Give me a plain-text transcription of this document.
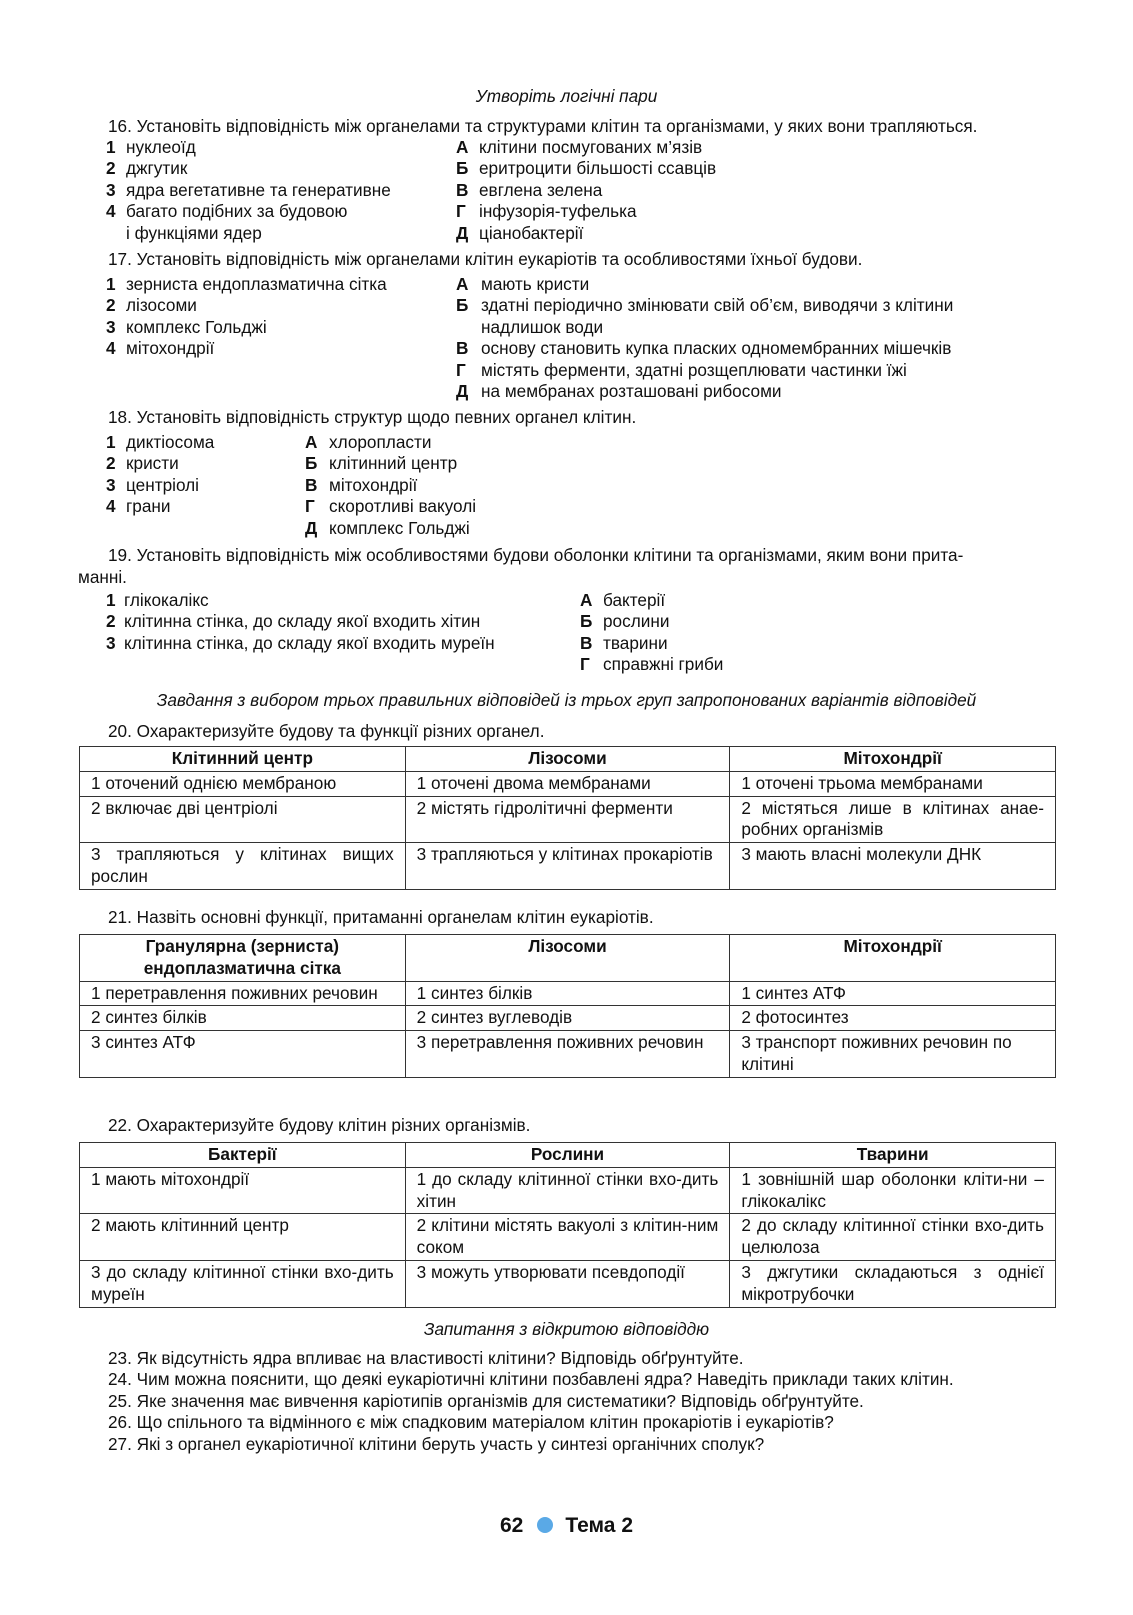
Утворіть логічні пари
16. Установіть відповідність між органелами та структурами клітин та організмами, у яких вони трапляються.
1 нуклеоїд
2 джгутик
3 ядра вегетативне та генеративне
4 багато подібних за будовою
і функціями ядер
А клітини посмугованих м’язів
Б еритроцити більшості ссавців
В евглена зелена
Г інфузорія-туфелька
Д ціанобактерії
17. Установіть відповідність між органелами клітин еукаріотів та особливостями їхньої будови.
1 зерниста ендоплазматична сітка
2 лізосоми
3 комплекс Гольджі
4 мітохондрії
А мають кристи
Б здатні періодично змінювати свій об’єм, виводячи з клітини
надлишок води
В основу становить купка пласких одномембранних мішечків
Г містять ферменти, здатні розщеплювати частинки їжі
Д на мембранах розташовані рибосоми
18. Установіть відповідність структур щодо певних органел клітин.
1 диктіосома
2 кристи
3 центріолі
4 грани
А хлоропласти
Б клітинний центр
В мітохондрії
Г скоротливі вакуолі
Д комплекс Гольджі
19. Установіть відповідність між особливостями будови оболонки клітини та організмами, яким вони прита-
манні.
1 глікокалікс
2 клітинна стінка, до складу якої входить хітин
3 клітинна стінка, до складу якої входить муреїн
А бактерії
Б рослини
В тварини
Г справжні гриби
Завдання з вибором трьох правильних відповідей із трьох груп запропонованих варіантів відповідей
20. Охарактеризуйте будову та функції різних органел.
Клітинний центр	Лізосоми	Мітохондрії
1 оточений однією мембраною	1 оточені двома мембранами	1 оточені трьома мембранами
2 включає дві центріолі	2 містять гідролітичні ферменти	2 містяться лише в клітинах анае-робних організмів
3 трапляються у клітинах вищих рослин	3 трапляються у клітинах прокаріотів	3 мають власні молекули ДНК
21. Назвіть основні функції, притаманні органелам клітин еукаріотів.
Гранулярна (зерниста) ендоплазматична сітка	Лізосоми	Мітохондрії
1 перетравлення поживних речовин	1 синтез білків	1 синтез АТФ
2 синтез білків	2 синтез вуглеводів	2 фотосинтез
3 синтез АТФ	3 перетравлення поживних речовин	3 транспорт поживних речовин по клітині
22. Охарактеризуйте будову клітин різних організмів.
Бактерії	Рослини	Тварини
1 мають мітохондрії	1 до складу клітинної стінки вхо-дить хітин	1 зовнішній шар оболонки кліти-ни – глікокалікс
2 мають клітинний центр	2 клітини містять вакуолі з клітин-ним соком	2 до складу клітинної стінки вхо-дить целюлоза
3 до складу клітинної стінки вхо-дить муреїн	3 можуть утворювати псевдоподії	3 джгутики складаються з однієї мікротрубочки
Запитання з відкритою відповіддю
23. Як відсутність ядра впливає на властивості клітини? Відповідь обґрунтуйте.
24. Чим можна пояснити, що деякі еукаріотичні клітини позбавлені ядра? Наведіть приклади таких клітин.
25. Яке значення має вивчення каріотипів організмів для систематики? Відповідь обґрунтуйте.
26. Що спільного та відмінного є між спадковим матеріалом клітин прокаріотів і еукаріотів?
27. Які з органел еукаріотичної клітини беруть участь у синтезі органічних сполук?
62 Тема 2
